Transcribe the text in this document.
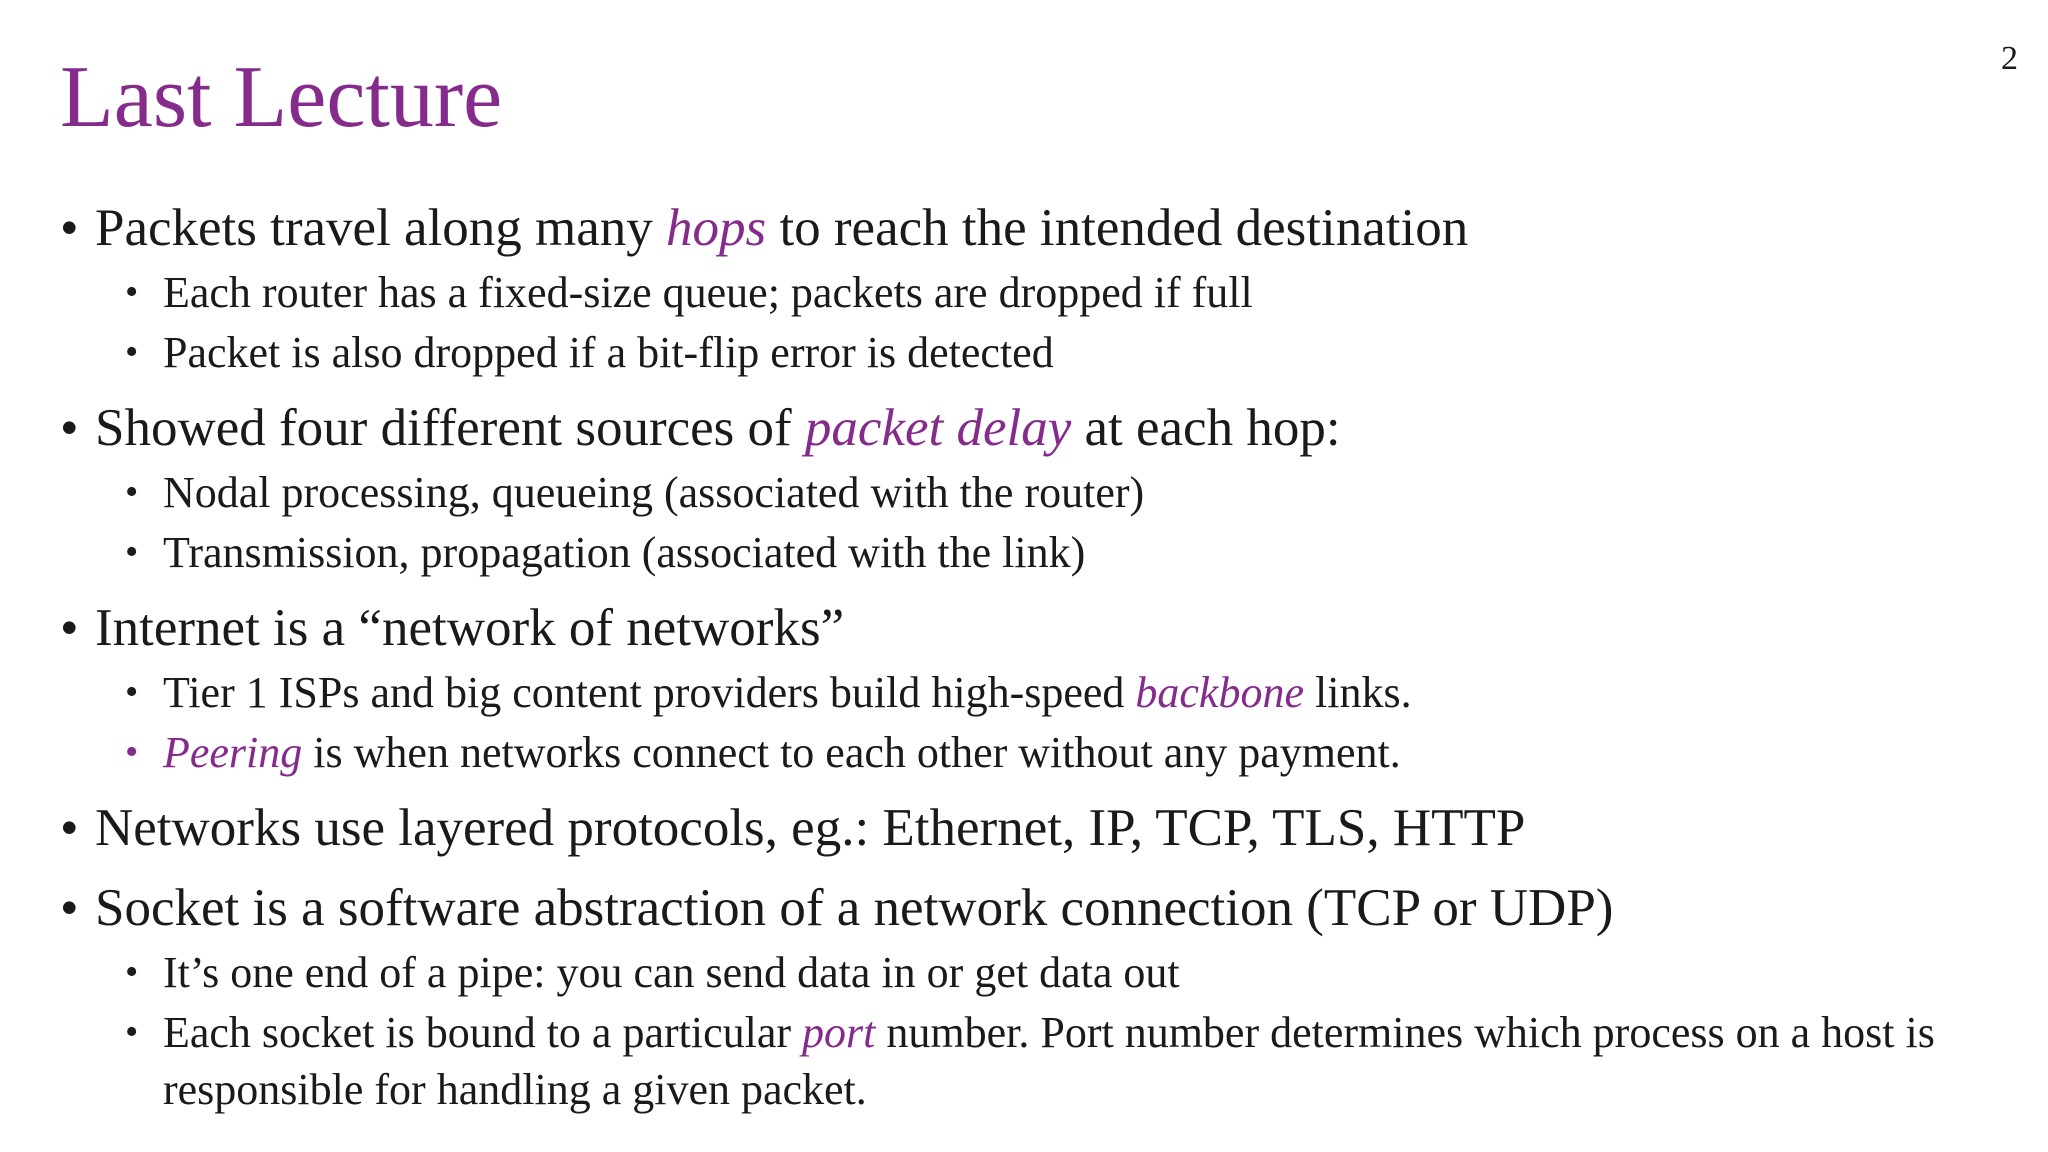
2
Last Lecture

• Packets travel along many hops to reach the intended destination

• Each router has a fixed-size queue; packets are dropped if full

• Packet is also dropped if a bit-flip error is detected

• Showed four different sources of packet delay at each hop:

• Nodal processing, queueing (associated with the router)

• Transmission, propagation (associated with the link)

• Internet is a “network of networks”

• Tier 1 ISPs and big content providers build high-speed backbone links.

• Peering is when networks connect to each other without any payment.

• Networks use layered protocols, eg.: Ethernet, IP, TCP, TLS, HTTP

• Socket is a software abstraction of a network connection (TCP or UDP)

• It’s one end of a pipe: you can send data in or get data out

• Each socket is bound to a particular port number. Port number determines which process on a host is responsible for handling a given packet.
